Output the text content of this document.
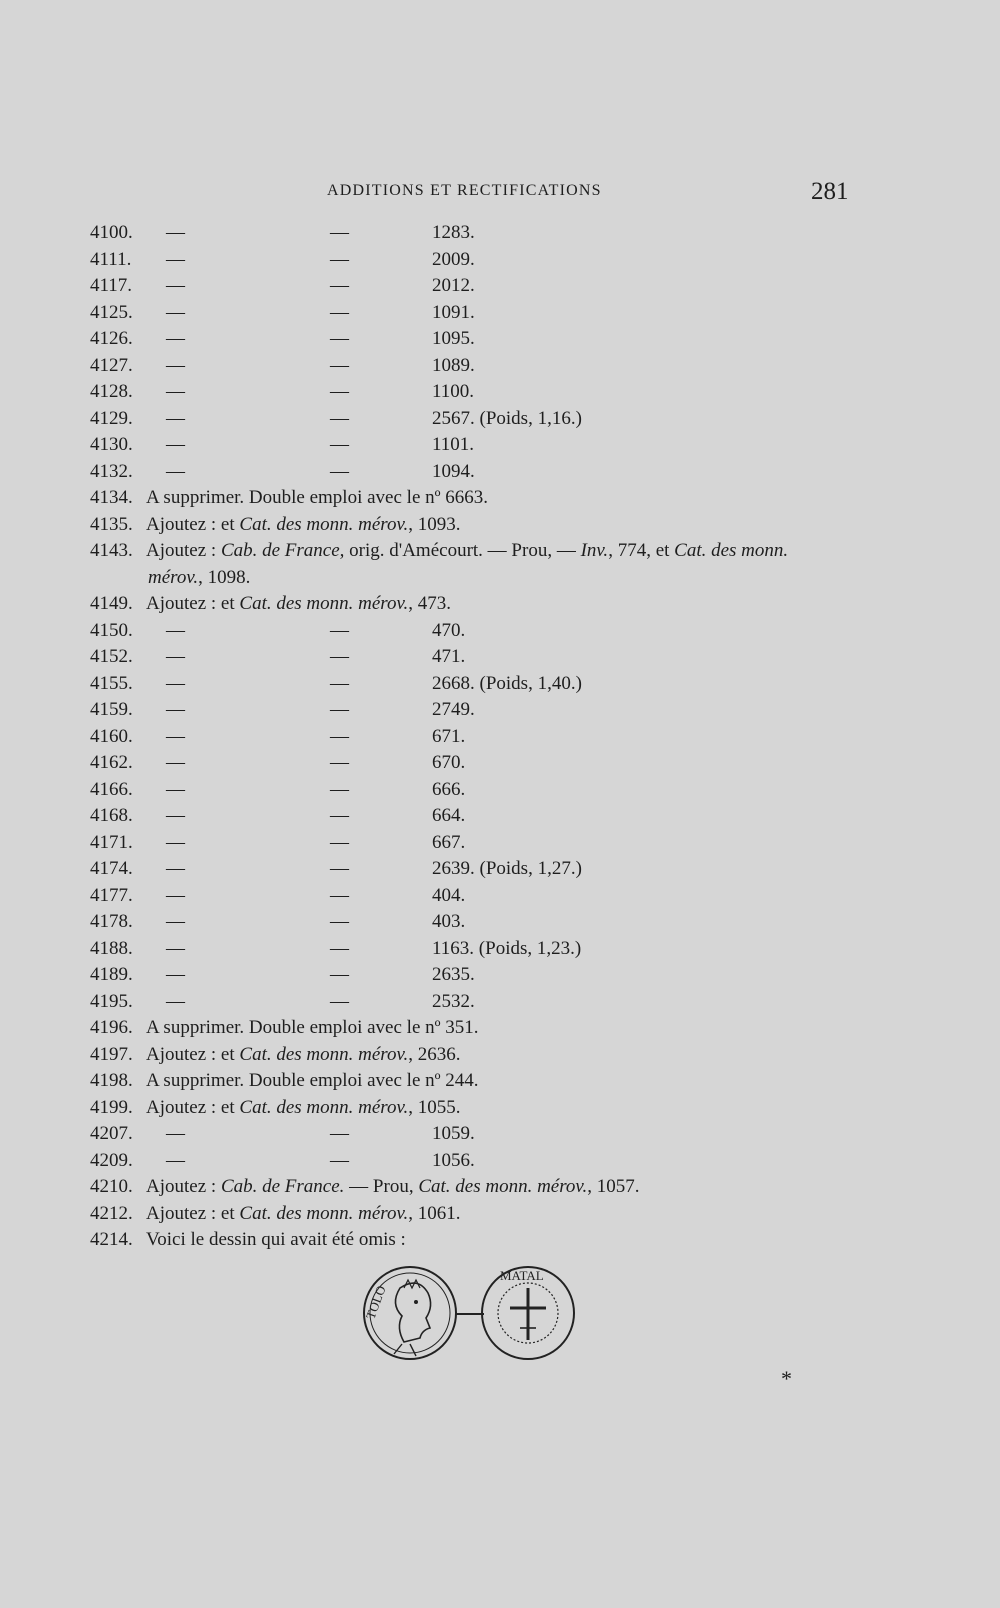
ADDITIONS ET RECTIFICATIONS	281
4100. —	—	1283.
4111. —	—	2009.
4117. —	—	2012.
4125. —	—	1091.
4126. —	—	1095.
4127. —	—	1089.
4128. —	—	1100.
4129. —	—	2567. (Poids, 1,16.)
4130. —	—	1101.
4132. —	—	1094.
4134. A supprimer. Double emploi avec le nº 6663.
4135. Ajoutez : et Cat. des monn. mérov., 1093.
4143. Ajoutez : Cab. de France, orig. d'Amécourt. — Prou, — Inv., 774, et Cat. des monn.
mérov., 1098.
4149. Ajoutez : et Cat. des monn. mérov., 473.
4150. —	—	470.
4152. —	—	471.
4155. —	—	2668. (Poids, 1,40.)
4159. —	—	2749.
4160. —	—	671.
4162. —	—	670.
4166. —	—	666.
4168. —	—	664.
4171. —	—	667.
4174. —	—	2639. (Poids, 1,27.)
4177. —	—	404.
4178. —	—	403.
4188. —	—	1163. (Poids, 1,23.)
4189. —	—	2635.
4195. —	—	2532.
4196. A supprimer. Double emploi avec le nº 351.
4197. Ajoutez : et Cat. des monn. mérov., 2636.
4198. A supprimer. Double emploi avec le nº 244.
4199. Ajoutez : et Cat. des monn. mérov., 1055.
4207. —	—	1059.
4209. —	—	1056.
4210. Ajoutez : Cab. de France. — Prou, Cat. des monn. mérov., 1057.
4212. Ajoutez : et Cat. des monn. mérov., 1061.
4214. Voici le dessin qui avait été omis :
TOLO
MATAL
*
